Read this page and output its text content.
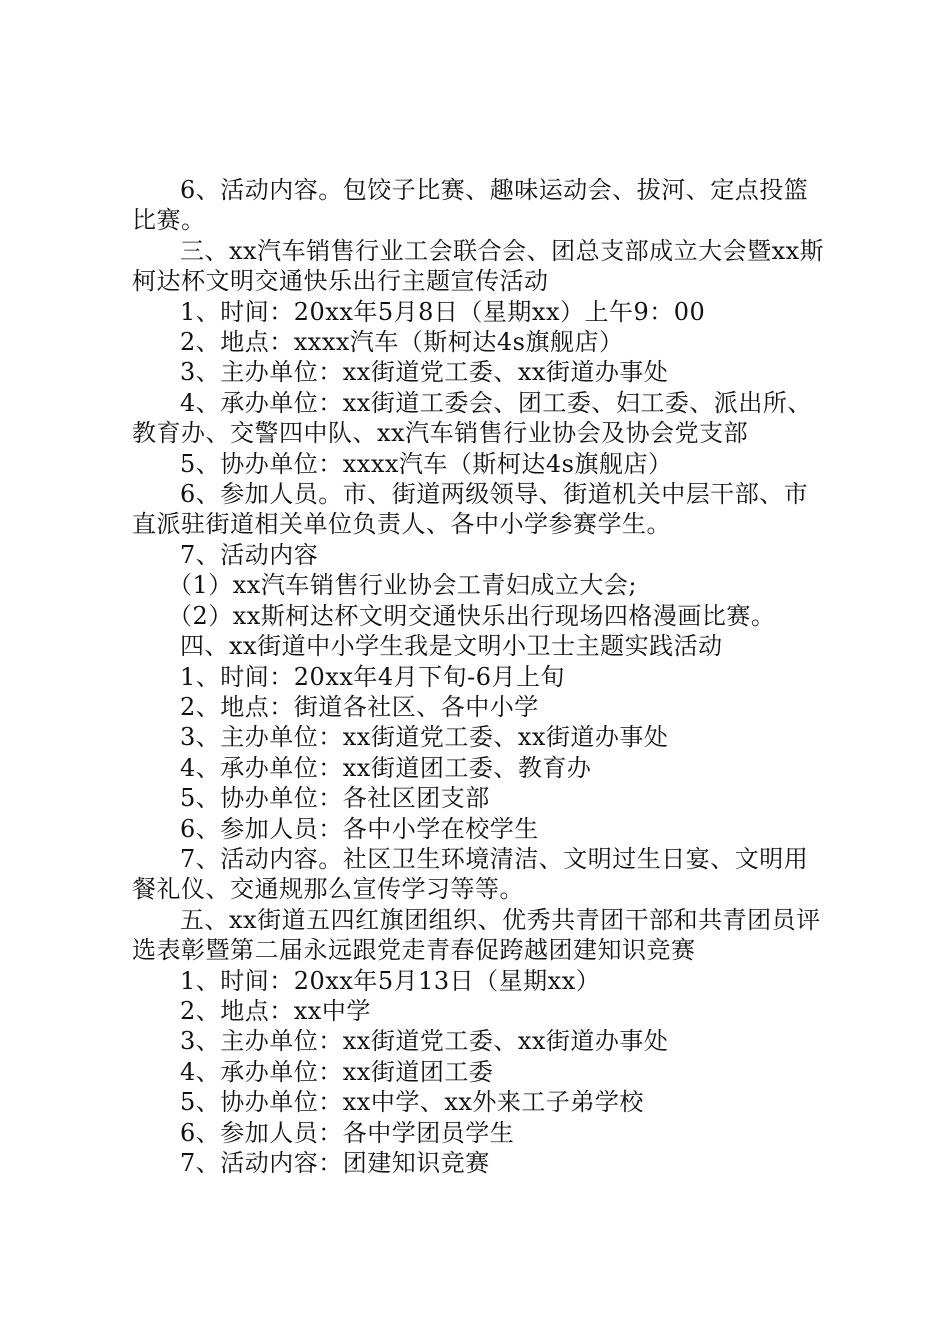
6、活动内容。包饺子比赛、趣味运动会、拔河、定点投篮比赛。

三、xx汽车销售行业工会联合会、团总支部成立大会暨xx斯柯达杯文明交通快乐出行主题宣传活动

1、时间：20xx年5月8日（星期xx）上午9：00

2、地点：xxxx汽车（斯柯达4s旗舰店）

3、主办单位：xx街道党工委、xx街道办事处

4、承办单位：xx街道工委会、团工委、妇工委、派出所、教育办、交警四中队、xx汽车销售行业协会及协会党支部

5、协办单位：xxxx汽车（斯柯达4s旗舰店）

6、参加人员。市、街道两级领导、街道机关中层干部、市直派驻街道相关单位负责人、各中小学参赛学生。

7、活动内容

（1）xx汽车销售行业协会工青妇成立大会;

（2）xx斯柯达杯文明交通快乐出行现场四格漫画比赛。

四、xx街道中小学生我是文明小卫士主题实践活动

1、时间：20xx年4月下旬-6月上旬

2、地点：街道各社区、各中小学

3、主办单位：xx街道党工委、xx街道办事处

4、承办单位：xx街道团工委、教育办

5、协办单位：各社区团支部

6、参加人员：各中小学在校学生

7、活动内容。社区卫生环境清洁、文明过生日宴、文明用餐礼仪、交通规那么宣传学习等等。

五、xx街道五四红旗团组织、优秀共青团干部和共青团员评选表彰暨第二届永远跟党走青春促跨越团建知识竞赛

1、时间：20xx年5月13日（星期xx）

2、地点：xx中学

3、主办单位：xx街道党工委、xx街道办事处

4、承办单位：xx街道团工委

5、协办单位：xx中学、xx外来工子弟学校

6、参加人员：各中学团员学生

7、活动内容：团建知识竞赛
